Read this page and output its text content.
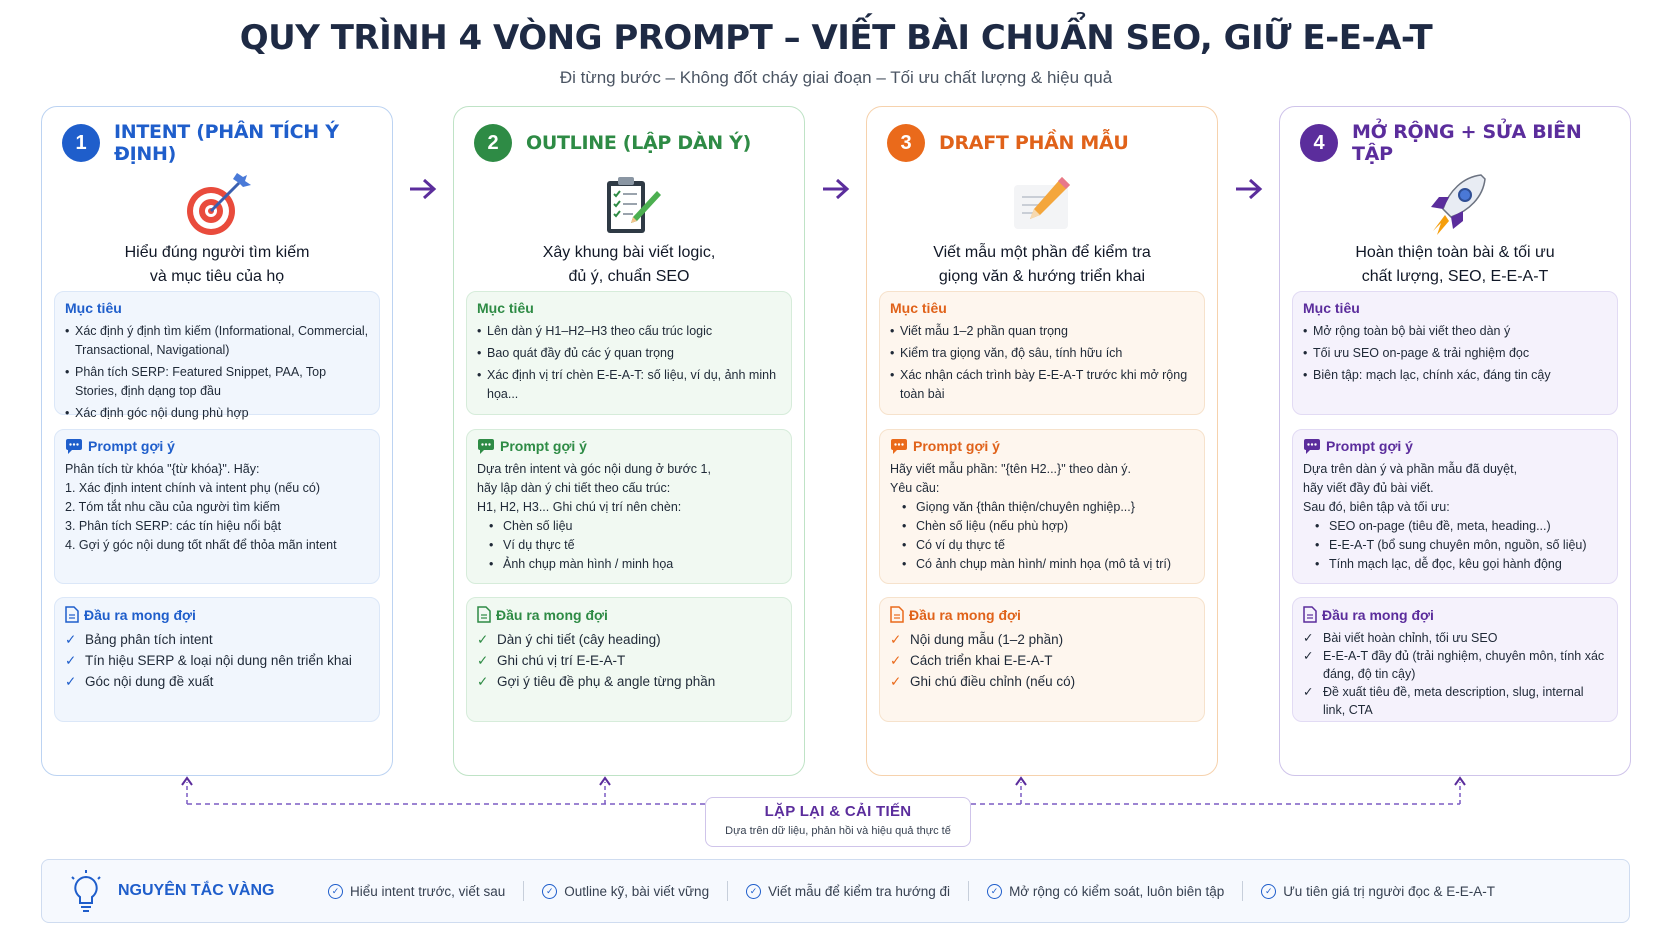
QUY TRÌNH 4 VÒNG PROMPT – VIẾT BÀI CHUẨN SEO, GIỮ E-E-A-T
Đi từng bước – Không đốt cháy giai đoạn – Tối ưu chất lượng & hiệu quả
1	INTENT (PHÂN TÍCH Ý ĐỊNH)
Hiểu đúng người tìm kiếm
và mục tiêu của họ
Mục tiêu
• Xác định ý định tìm kiếm (Informational, Commercial, Transactional, Navigational)
• Phân tích SERP: Featured Snippet, PAA, Top Stories, định dạng top đầu
• Xác định góc nội dung phù hợp
Prompt gợi ý
Phân tích từ khóa "{từ khóa}". Hãy:
1. Xác định intent chính và intent phụ (nếu có)
2. Tóm tắt nhu cầu của người tìm kiếm
3. Phân tích SERP: các tín hiệu nổi bật
4. Gợi ý góc nội dung tốt nhất để thỏa mãn intent
Đầu ra mong đợi
✓ Bảng phân tích intent
✓ Tín hiệu SERP & loại nội dung nên triển khai
✓ Góc nội dung đề xuất
2	OUTLINE (LẬP DÀN Ý)
Xây khung bài viết logic,
đủ ý, chuẩn SEO
Mục tiêu
• Lên dàn ý H1–H2–H3 theo cấu trúc logic
• Bao quát đầy đủ các ý quan trọng
• Xác định vị trí chèn E-E-A-T: số liệu, ví dụ, ảnh minh họa...
Prompt gợi ý
Dựa trên intent và góc nội dung ở bước 1,
hãy lập dàn ý chi tiết theo cấu trúc:
H1, H2, H3... Ghi chú vị trí nên chèn:
• Chèn số liệu
• Ví dụ thực tế
• Ảnh chụp màn hình / minh họa
Đầu ra mong đợi
✓ Dàn ý chi tiết (cây heading)
✓ Ghi chú vị trí E-E-A-T
✓ Gợi ý tiêu đề phụ & angle từng phần
3	DRAFT PHẦN MẪU
Viết mẫu một phần để kiểm tra
giọng văn & hướng triển khai
Mục tiêu
• Viết mẫu 1–2 phần quan trọng
• Kiểm tra giọng văn, độ sâu, tính hữu ích
• Xác nhận cách trình bày E-E-A-T trước khi mở rộng toàn bài
Prompt gợi ý
Hãy viết mẫu phần: "{tên H2...}" theo dàn ý.
Yêu cầu:
• Giọng văn {thân thiện/chuyên nghiệp...}
• Chèn số liệu (nếu phù hợp)
• Có ví dụ thực tế
• Có ảnh chụp màn hình/ minh họa (mô tả vị trí)
Đầu ra mong đợi
✓ Nội dung mẫu (1–2 phần)
✓ Cách triển khai E-E-A-T
✓ Ghi chú điều chỉnh (nếu có)
4	MỞ RỘNG + SỬA BIÊN TẬP
Hoàn thiện toàn bài & tối ưu
chất lượng, SEO, E-E-A-T
Mục tiêu
• Mở rộng toàn bộ bài viết theo dàn ý
• Tối ưu SEO on-page & trải nghiệm đọc
• Biên tập: mạch lạc, chính xác, đáng tin cậy
Prompt gợi ý
Dựa trên dàn ý và phần mẫu đã duyệt,
hãy viết đầy đủ bài viết.
Sau đó, biên tập và tối ưu:
• SEO on-page (tiêu đề, meta, heading...)
• E-E-A-T (bổ sung chuyên môn, nguồn, số liệu)
• Tính mạch lạc, dễ đọc, kêu gọi hành động
Đầu ra mong đợi
✓ Bài viết hoàn chỉnh, tối ưu SEO
✓ E-E-A-T đầy đủ (trải nghiệm, chuyên môn, tính xác đáng, độ tin cậy)
✓ Đề xuất tiêu đề, meta description, slug, internal link, CTA
LẶP LẠI & CẢI TIẾN
Dựa trên dữ liệu, phản hồi và hiệu quả thực tế
NGUYÊN TẮC VÀNG	✓ Hiểu intent trước, viết sau	✓ Outline kỹ, bài viết vững	✓ Viết mẫu để kiểm tra hướng đi	✓ Mở rộng có kiểm soát, luôn biên tập	✓ Ưu tiên giá trị người đọc & E-E-A-T
